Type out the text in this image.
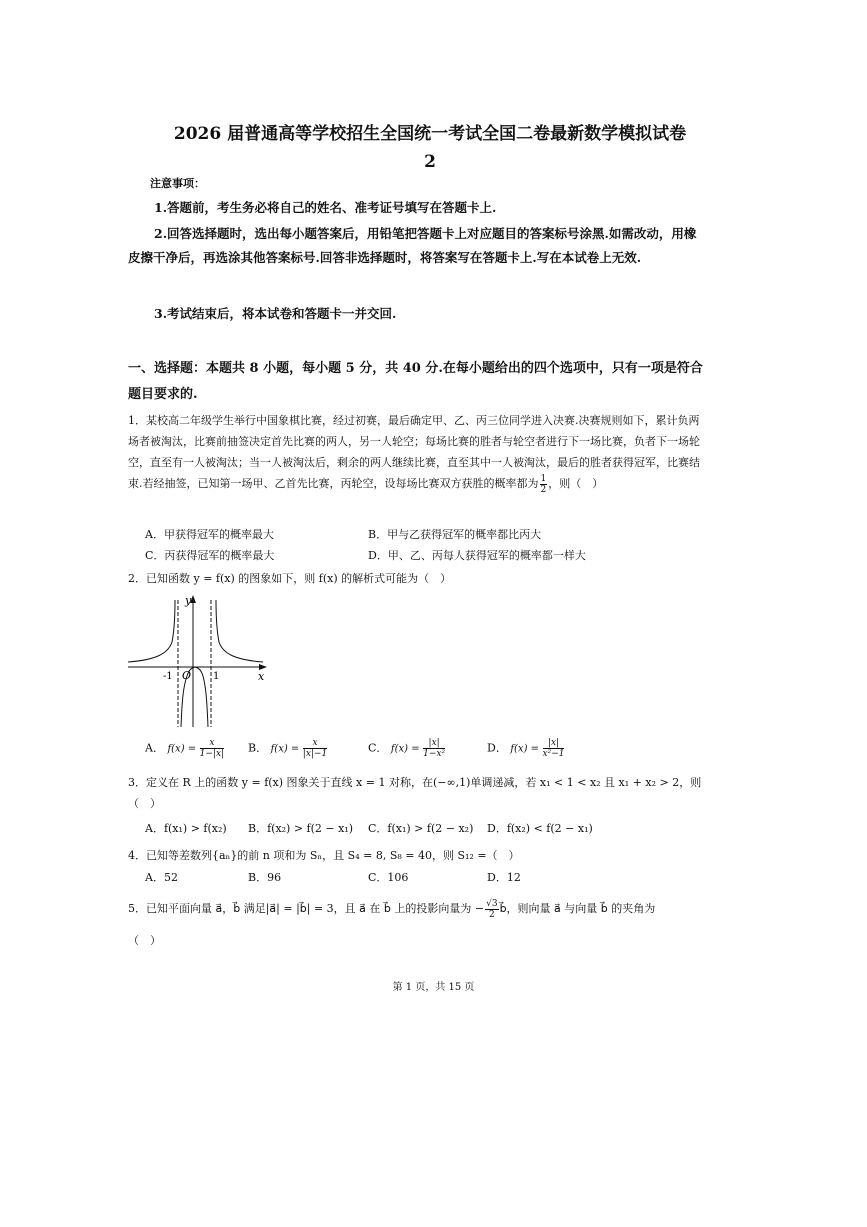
2026 届普通高等学校招生全国统一考试全国二卷最新数学模拟试卷
2
注意事项：
1.答题前，考生务必将自己的姓名、准考证号填写在答题卡上.
2.回答选择题时，选出每小题答案后，用铅笔把答题卡上对应题目的答案标号涂黑.如需改动，用橡皮擦干净后，再选涂其他答案标号.回答非选择题时，将答案写在答题卡上.写在本试卷上无效.
3.考试结束后，将本试卷和答题卡一并交回.
一、选择题：本题共 8 小题，每小题 5 分，共 40 分.在每小题给出的四个选项中，只有一项是符合题目要求的.
1．某校高二年级学生举行中国象棋比赛，经过初赛，最后确定甲、乙、丙三位同学进入决赛.决赛规则如下，累计负两场者被淘汰，比赛前抽签决定首先比赛的两人，另一人轮空；每场比赛的胜者与轮空者进行下一场比赛，负者下一场轮空，直至有一人被淘汰；当一人被淘汰后，剩余的两人继续比赛，直至其中一人被淘汰，最后的胜者获得冠军，比赛结束.若经抽签，已知第一场甲、乙首先比赛，丙轮空，设每场比赛双方获胜的概率都为 $\frac{1}{2}$ ，则（　）
A．甲获得冠军的概率最大	B．甲与乙获得冠军的概率都比丙大
C．丙获得冠军的概率最大	D．甲、乙、丙每人获得冠军的概率都一样大
2．已知函数 y = f(x) 的图象如下，则 f(x) 的解析式可能为（　）
y
x
O
-1	1
A． $f(x) = \frac{x}{1-|x|}$ B． $f(x) = \frac{x}{|x|-1}$	C． $f(x) = \frac{|x|}{\text{1−x²}}$	D． $f(x) = \frac{|x|}{\text{x²−1}}$
3．定义在 R 上的函数 y = f(x) 图象关于直线 x = 1 对称，在(−∞,1)单调递减，若 x₁ < 1 < x₂ 且 x₁ + x₂ > 2，则（　）
A．f(x₁) > f(x₂) B．f(x₂) > f(2 − x₁) C．f(x₁) > f(2 − x₂) D．f(x₂) < f(2 − x₁)
4．已知等差数列{aₙ}的前 n 项和为 Sₙ，且 S₄ = 8, S₈ = 40，则 S₁₂ =（　）
A．52	B．96	C．106	D．12
5．已知平面向量 a⃗，b⃗ 满足|a⃗| = |b⃗| = 3，且 a⃗ 在 b⃗ 上的投影向量为 − $\frac{√3}{2}$ b⃗，则向量 a⃗ 与向量 b⃗ 的夹角为
（　）
第 1 页，共 15 页
